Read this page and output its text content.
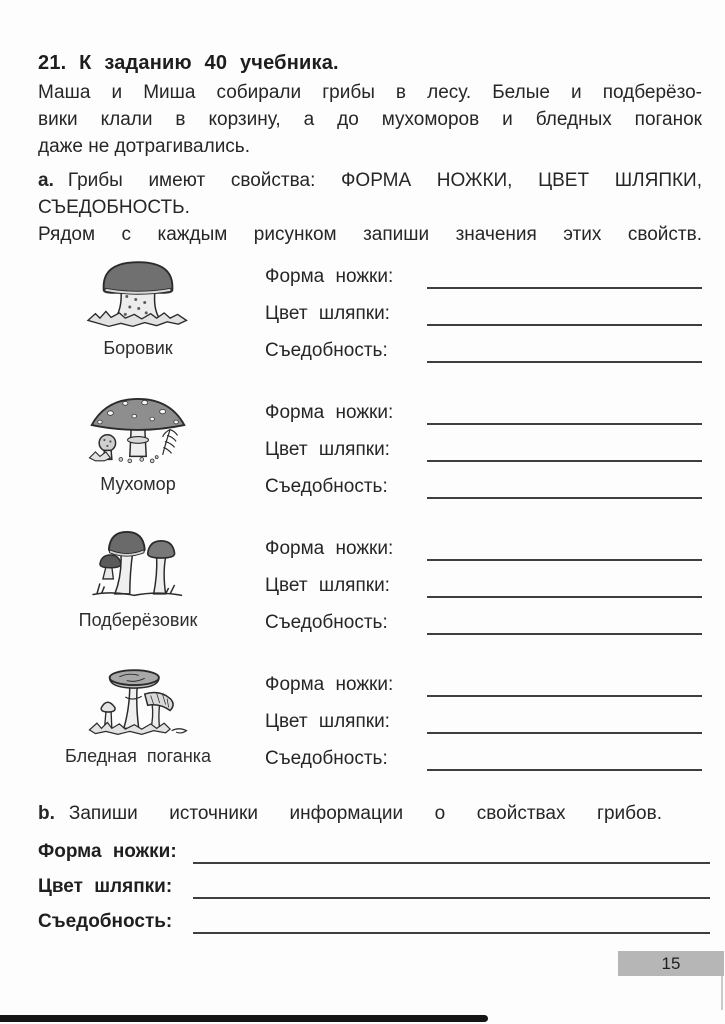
21. К заданию 40 учебника.
Маша и Миша собирали грибы в лесу. Белые и подберёзо-
вики клали в корзину, а до мухоморов и бледных поганок
даже не дотрагивались.
а. Грибы имеют свойства: ФОРМА НОЖКИ, ЦВЕТ ШЛЯПКИ,
СЪЕДОБНОСТЬ.
Рядом с каждым рисунком запиши значения этих свойств.
Боровик
Форма ножки:
Цвет шляпки:
Съедобность:
Мухомор
Форма ножки:
Цвет шляпки:
Съедобность:
Подберёзовик
Форма ножки:
Цвет шляпки:
Съедобность:
Бледная поганка
Форма ножки:
Цвет шляпки:
Съедобность:
b. Запиши источники информации о свойствах грибов.
Форма ножки:
Цвет шляпки:
Съедобность:
15
